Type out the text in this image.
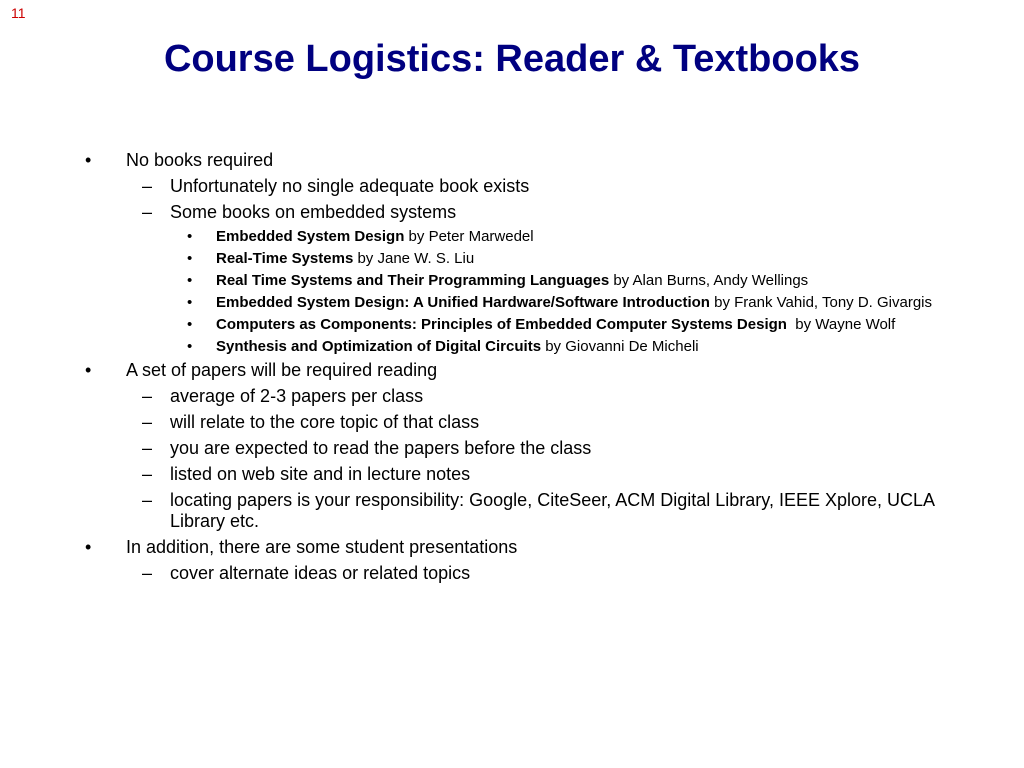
11
Course Logistics: Reader & Textbooks
• No books required
– Unfortunately no single adequate book exists
– Some books on embedded systems
• Embedded System Design by Peter Marwedel
• Real-Time Systems by Jane W. S. Liu
• Real Time Systems and Their Programming Languages by Alan Burns, Andy Wellings
• Embedded System Design: A Unified Hardware/Software Introduction by Frank Vahid, Tony D. Givargis
• Computers as Components: Principles of Embedded Computer Systems Design  by Wayne Wolf
• Synthesis and Optimization of Digital Circuits by Giovanni De Micheli
• A set of papers will be required reading
– average of 2-3 papers per class
– will relate to the core topic of that class
– you are expected to read the papers before the class
– listed on web site and in lecture notes
– locating papers is your responsibility: Google, CiteSeer, ACM Digital Library, IEEE Xplore, UCLA Library etc.
• In addition, there are some student presentations
– cover alternate ideas or related topics
